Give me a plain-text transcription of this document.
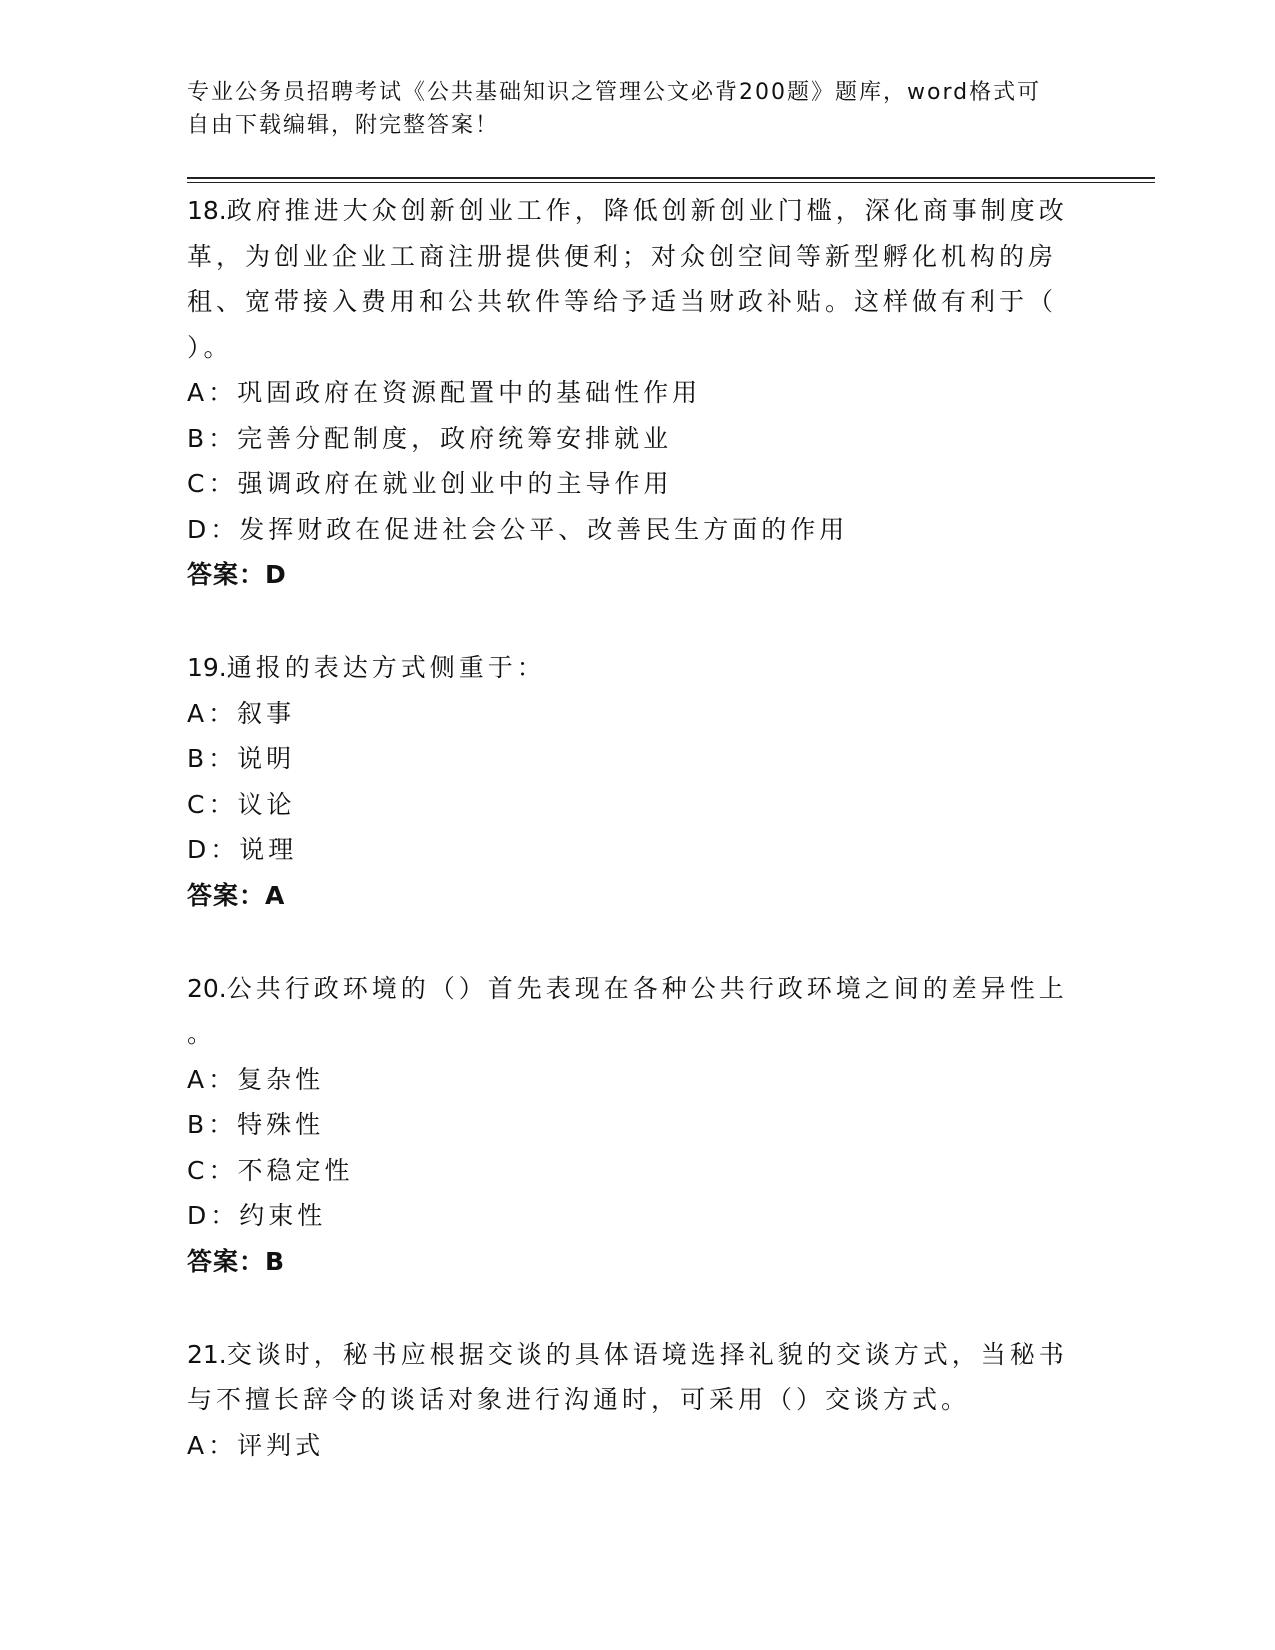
专业公务员招聘考试《公共基础知识之管理公文必背200题》题库，word格式可
自由下载编辑，附完整答案！
18.政府推进大众创新创业工作，降低创新创业门槛，深化商事制度改
革，为创业企业工商注册提供便利；对众创空间等新型孵化机构的房
租、宽带接入费用和公共软件等给予适当财政补贴。这样做有利于（
）。
A：巩固政府在资源配置中的基础性作用
B：完善分配制度，政府统筹安排就业
C：强调政府在就业创业中的主导作用
D：发挥财政在促进社会公平、改善民生方面的作用
答案：D
19.通报的表达方式侧重于：
A：叙事
B：说明
C：议论
D：说理
答案：A
20.公共行政环境的（）首先表现在各种公共行政环境之间的差异性上
。
A：复杂性
B：特殊性
C：不稳定性
D：约束性
答案：B
21.交谈时，秘书应根据交谈的具体语境选择礼貌的交谈方式，当秘书
与不擅长辞令的谈话对象进行沟通时，可采用（）交谈方式。
A：评判式
